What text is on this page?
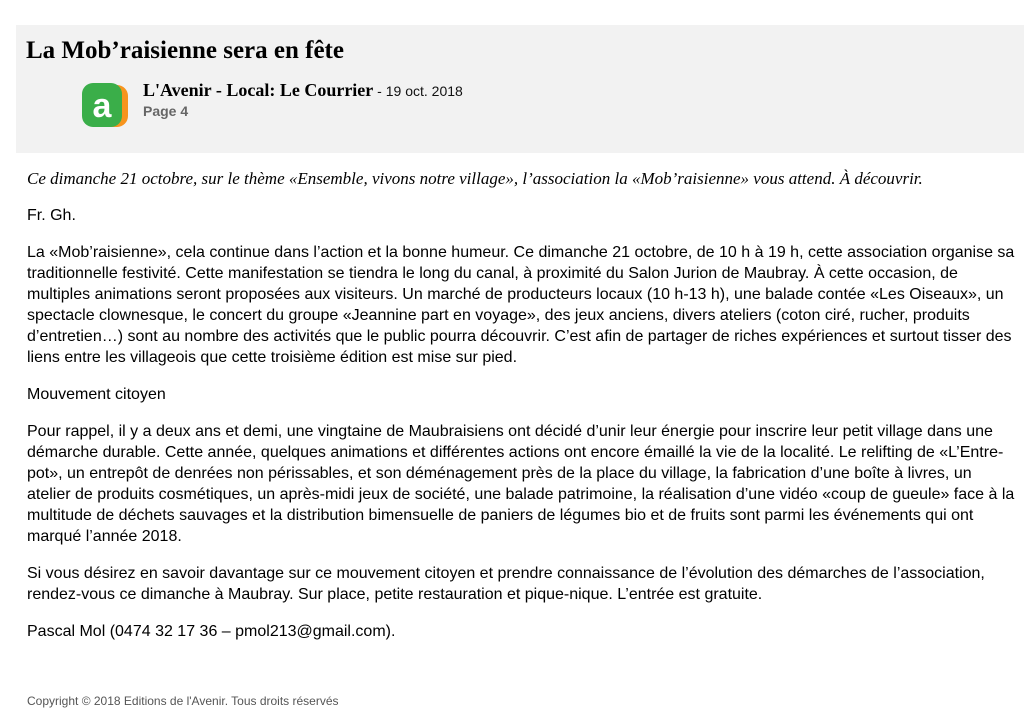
La Mob’raisienne sera en fête
a L'Avenir - Local: Le Courrier - 19 oct. 2018
Page 4

Ce dimanche 21 octobre, sur le thème «Ensemble, vivons notre village», l’association la «Mob’raisienne» vous attend. À découvrir.

Fr. Gh.

La «Mob’raisienne», cela continue dans l’action et la bonne humeur. Ce dimanche 21 octobre, de 10 h à 19 h, cette association organise sa traditionnelle festivité. Cette manifestation se tiendra le long du canal, à proximité du Salon Jurion de Maubray. À cette occasion, de multiples animations seront proposées aux visiteurs. Un marché de producteurs locaux (10 h-13 h), une balade contée «Les Oiseaux», un spectacle clownesque, le concert du groupe «Jeannine part en voyage», des jeux anciens, divers ateliers (coton ciré, rucher, produits d’entretien…) sont au nombre des activités que le public pourra découvrir. C’est afin de partager de riches expériences et surtout tisser des liens entre les villageois que cette troisième édition est mise sur pied.

Mouvement citoyen

Pour rappel, il y a deux ans et demi, une vingtaine de Maubraisiens ont décidé d’unir leur énergie pour inscrire leur petit village dans une démarche durable. Cette année, quelques animations et différentes actions ont encore émaillé la vie de la localité. Le relifting de «L’Entre-pot», un entrepôt de denrées non périssables, et son déménagement près de la place du village, la fabrication d’une boîte à livres, un atelier de produits cosmétiques, un après-midi jeux de société, une balade patrimoine, la réalisation d’une vidéo «coup de gueule» face à la multitude de déchets sauvages et la distribution bimensuelle de paniers de légumes bio et de fruits sont parmi les événements qui ont marqué l’année 2018.

Si vous désirez en savoir davantage sur ce mouvement citoyen et prendre connaissance de l’évolution des démarches de l’association, rendez-vous ce dimanche à Maubray. Sur place, petite restauration et pique-nique. L’entrée est gratuite.

Pascal Mol (0474 32 17 36 – pmol213@gmail.com).

Copyright © 2018 Editions de l'Avenir. Tous droits réservés
